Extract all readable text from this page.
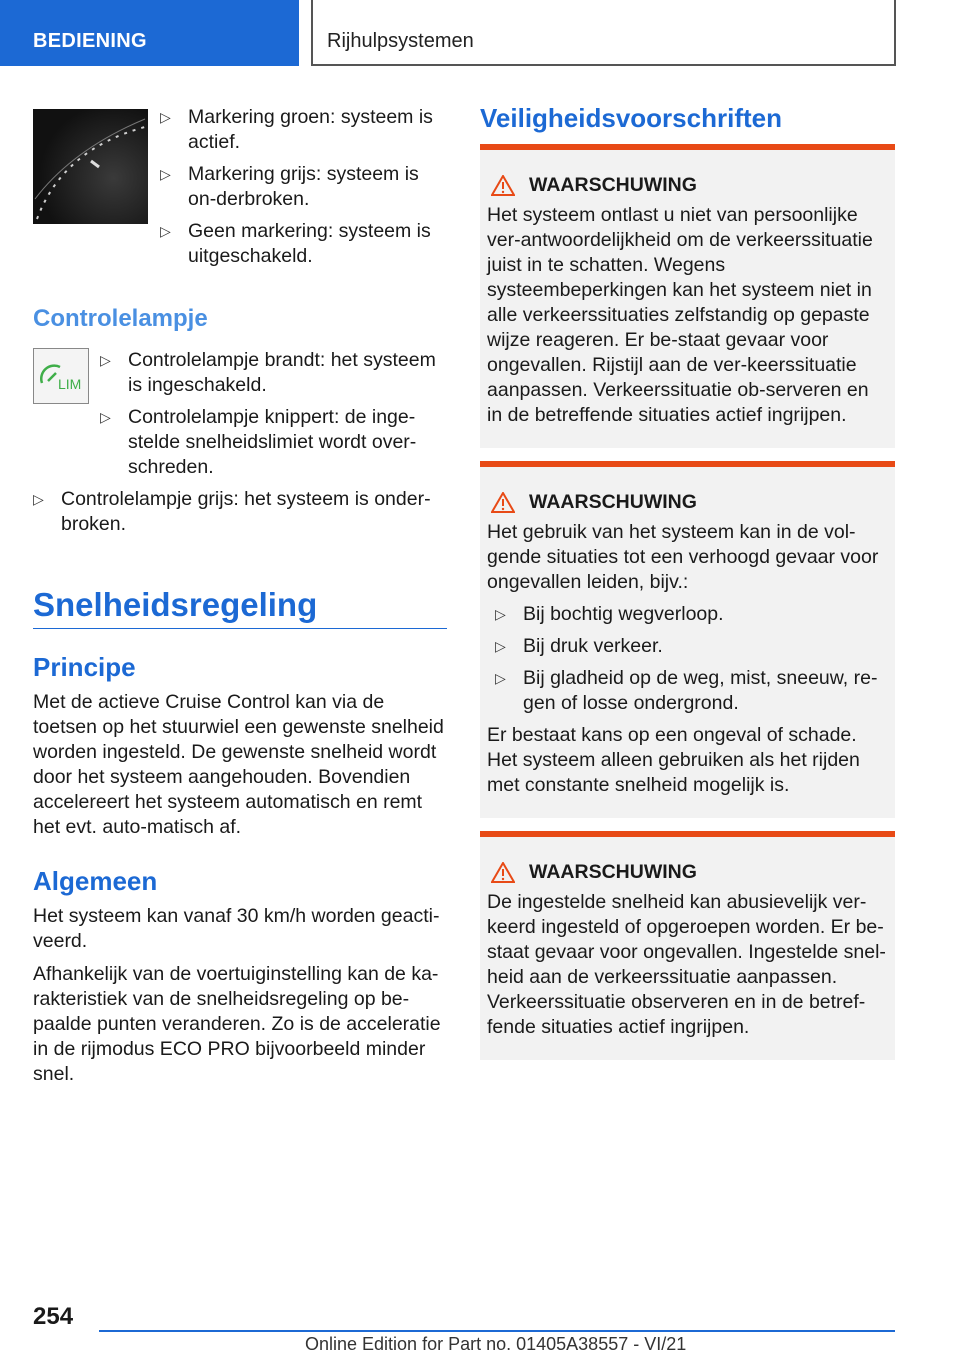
BEDIENING	Rijhulpsystemen
▷ Markering groen: systeem is actief.
▷ Markering grijs: systeem is on‐derbroken.
▷ Geen markering: systeem is uitgeschakeld.
Controlelampje
LIM
▷ Controlelampje brandt: het systeem is ingeschakeld.
▷ Controlelampje knippert: de inge‐stelde snelheidslimiet wordt over‐schreden.
▷ Controlelampje grijs: het systeem is onder‐broken.
Snelheidsregeling
Principe
Met de actieve Cruise Control kan via de toetsen op het stuurwiel een gewenste snelheid worden ingesteld. De gewenste snelheid wordt door het systeem aangehouden. Bovendien accelereert het systeem automatisch en remt het evt. auto‐matisch af.
Algemeen
Het systeem kan vanaf 30 km/h worden geacti‐veerd.
Afhankelijk van de voertuiginstelling kan de ka‐rakteristiek van de snelheidsregeling op be‐paalde punten veranderen. Zo is de acceleratie in de rijmodus ECO PRO bijvoorbeeld minder snel.
Veiligheidsvoorschriften
WAARSCHUWING
Het systeem ontlast u niet van persoonlijke ver‐antwoordelijkheid om de verkeerssituatie juist in te schatten. Wegens systeembeperkingen kan het systeem niet in alle verkeerssituaties zelfstandig op gepaste wijze reageren. Er be‐staat gevaar voor ongevallen. Rijstijl aan de ver‐keerssituatie aanpassen. Verkeerssituatie ob‐serveren en in de betreffende situaties actief ingrijpen.
WAARSCHUWING
Het gebruik van het systeem kan in de vol‐gende situaties tot een verhoogd gevaar voor ongevallen leiden, bijv.:
▷ Bij bochtig wegverloop.
▷ Bij druk verkeer.
▷ Bij gladheid op de weg, mist, sneeuw, re‐gen of losse ondergrond.
Er bestaat kans op een ongeval of schade. Het systeem alleen gebruiken als het rijden met constante snelheid mogelijk is.
WAARSCHUWING
De ingestelde snelheid kan abusievelijk ver‐keerd ingesteld of opgeroepen worden. Er be‐staat gevaar voor ongevallen. Ingestelde snel‐heid aan de verkeerssituatie aanpassen. Verkeerssituatie observeren en in de betref‐fende situaties actief ingrijpen.
254
Online Edition for Part no. 01405A38557 - VI/21
